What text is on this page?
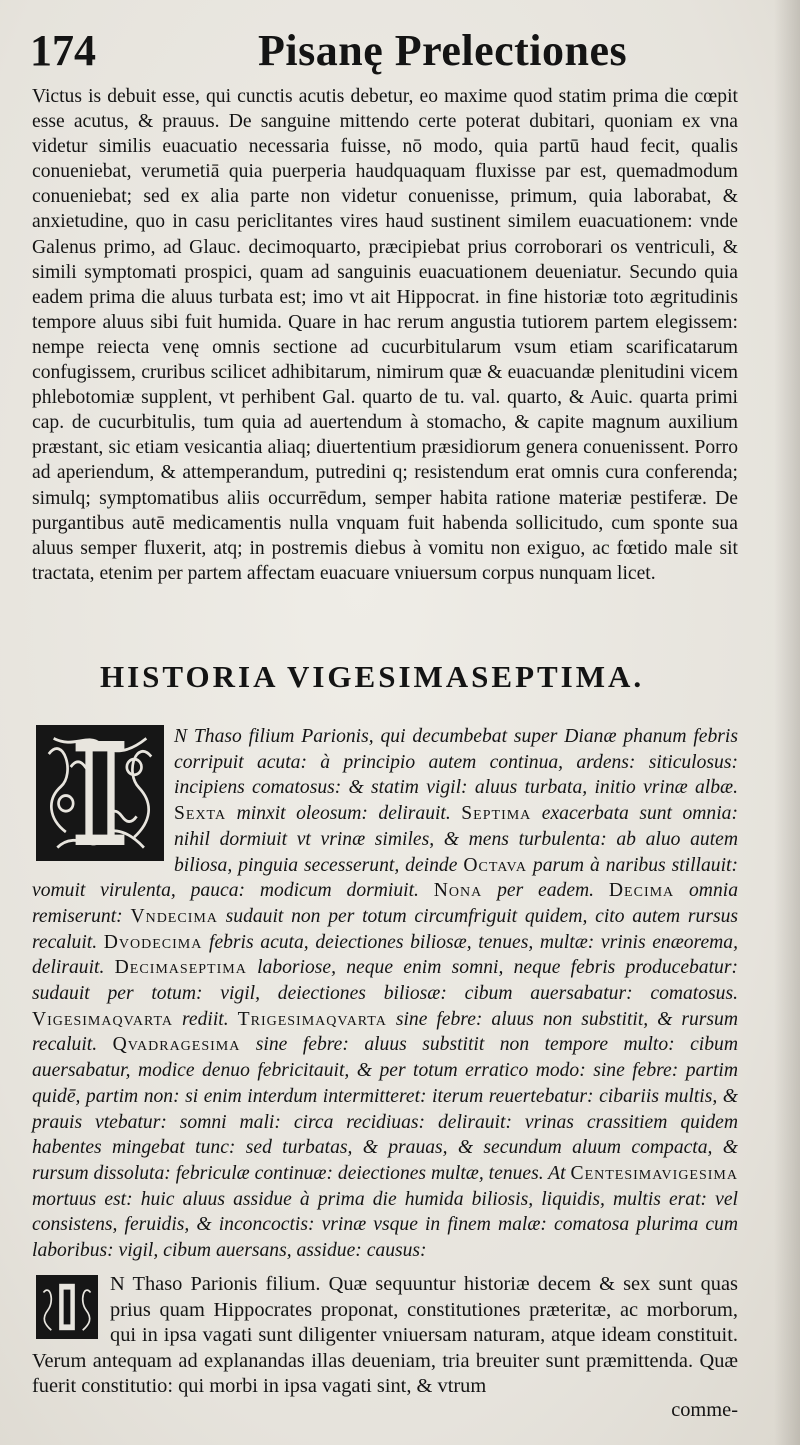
174	Pisanę Prelectiones
Victus is debuit esse, qui cunctis acutis debetur, eo maxime quod statim prima die cœpit esse acutus, & prauus. De sanguine mittendo certe poterat dubitari, quoniam ex vna videtur similis euacuatio necessaria fuisse, nō modo, quia partū haud fecit, qualis conueniebat, verumetiā quia puerperia haudquaquam fluxisse par est, quemadmodum conueniebat; sed ex alia parte non videtur conuenisse, primum, quia laborabat, & anxietudine, quo in casu periclitantes vires haud sustinent similem euacuationem: vnde Galenus primo, ad Glauc. decimoquarto, præcipiebat prius corroborari os ventriculi, & simili symptomati prospici, quam ad sanguinis euacuationem deueniatur. Secundo quia eadem prima die aluus turbata est; imo vt ait Hippocrat. in fine historiæ toto ægritudinis tempore aluus sibi fuit humida. Quare in hac rerum angustia tutiorem partem elegissem: nempe reiecta venę omnis sectione ad cucurbitularum vsum etiam scarificatarum confugissem, cruribus scilicet adhibitarum, nimirum quæ & euacuandæ plenitudini vicem phlebotomiæ supplent, vt perhibent Gal. quarto de tu. val. quarto, & Auic. quarta primi cap. de cucurbitulis, tum quia ad auertendum à stomacho, & capite magnum auxilium præstant, sic etiam vesicantia aliaq; diuertentium præsidiorum genera conuenissent. Porro ad aperiendum, & attemperandum, putredini q; resistendum erat omnis cura conferenda; simulq; symptomatibus aliis occurrēdum, semper habita ratione materiæ pestiferæ. De purgantibus autē medicamentis nulla vnquam fuit habenda sollicitudo, cum sponte sua aluus semper fluxerit, atq; in postremis diebus à vomitu non exiguo, ac fœtido male sit tractata, etenim per partem affectam euacuare vniuersum corpus nunquam licet.
HISTORIA VIGESIMASEPTIMA.
N Thaso filium Parionis, qui decumbebat super Dianæ phanum febris corripuit acuta: à principio autem continua, ardens: siticulosus: incipiens comatosus: & statim vigil: aluus turbata, initio vrinæ albæ. Sexta minxit oleosum: delirauit. Septima exacerbata sunt omnia: nihil dormiuit vt vrinæ similes, & mens turbulenta: ab aluo autem biliosa, pinguia secesserunt, deinde Octava parum à naribus stillauit: vomuit virulenta, pauca: modicum dormiuit. Nona per eadem. Decima omnia remiserunt: Vndecima sudauit non per totum circumfriguit quidem, cito autem rursus recaluit. Dvodecima febris acuta, deiectiones biliosæ, tenues, multæ: vrinis enæorema, delirauit. Decimaseptima laboriose, neque enim somni, neque febris producebatur: sudauit per totum: vigil, deiectiones biliosæ: cibum auersabatur: comatosus. Vigesimaqvarta rediit. Trigesimaqvarta sine febre: aluus non substitit, & rursum recaluit. Qvadragesima sine febre: aluus substitit non tempore multo: cibum auersabatur, modice denuo febricitauit, & per totum erratico modo: sine febre: partim quidē, partim non: si enim interdum intermitteret: iterum reuertebatur: cibariis multis, & prauis vtebatur: somni mali: circa recidiuas: delirauit: vrinas crassitiem quidem habentes mingebat tunc: sed turbatas, & prauas, & secundum aluum compacta, & rursum dissoluta: febriculæ continuæ: deiectiones multæ, tenues. At Centesimavigesima mortuus est: huic aluus assidue à prima die humida biliosis, liquidis, multis erat: vel consistens, feruidis, & inconcoctis: vrinæ vsque in finem malæ: comatosa plurima cum laboribus: vigil, cibum auersans, assidue: causus:
N Thaso Parionis filium. Quæ sequuntur historiæ decem & sex sunt quas prius quam Hippocrates proponat, constitutiones præteritæ, ac morborum, qui in ipsa vagati sunt diligenter vniuersam naturam, atque ideam constituit. Verum antequam ad explanandas illas deueniam, tria breuiter sunt præmittenda. Quæ fuerit constitutio: qui morbi in ipsa vagati sint, & vtrum
comme-
